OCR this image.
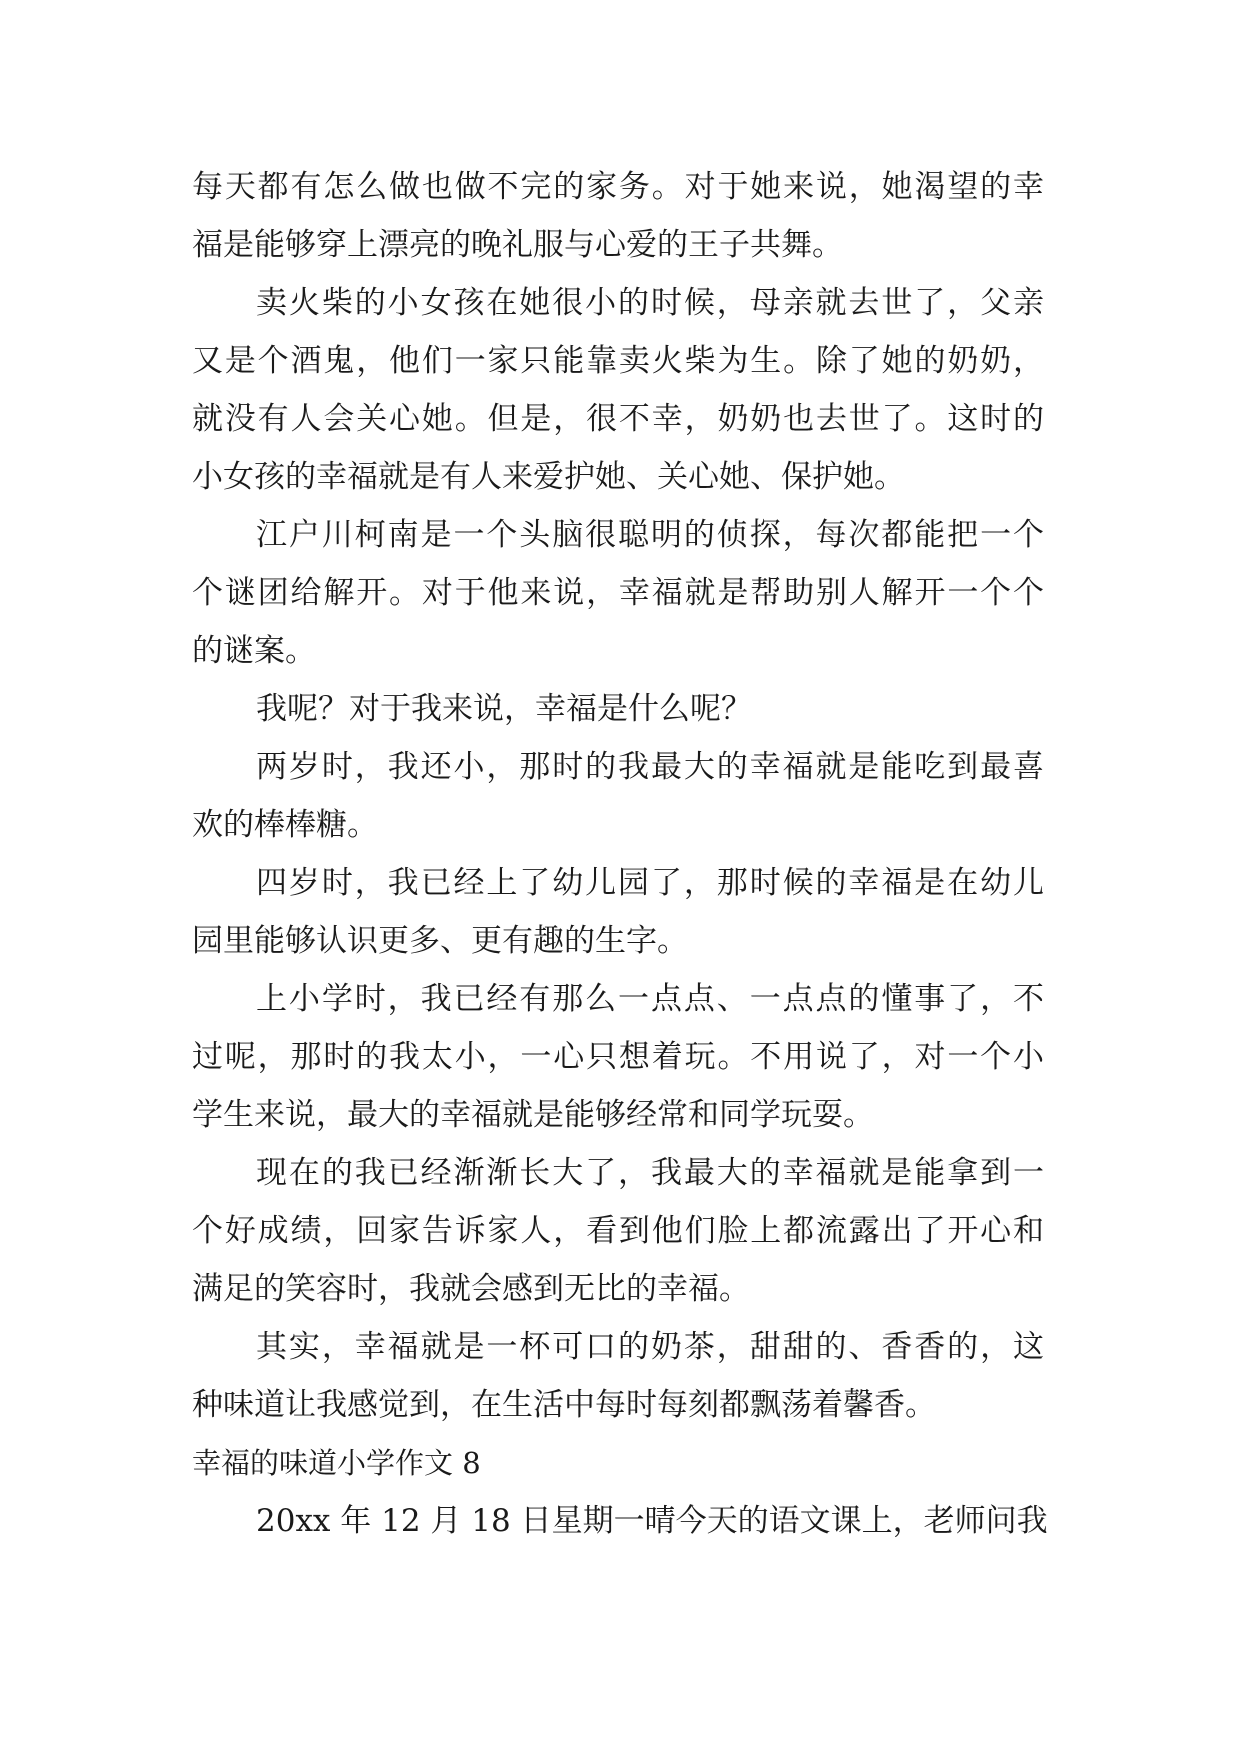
每天都有怎么做也做不完的家务。对于她来说，她渴望的幸
福是能够穿上漂亮的晚礼服与心爱的王子共舞。
卖火柴的小女孩在她很小的时候，母亲就去世了，父亲
又是个酒鬼，他们一家只能靠卖火柴为生。除了她的奶奶，
就没有人会关心她。但是，很不幸，奶奶也去世了。这时的
小女孩的幸福就是有人来爱护她、关心她、保护她。
江户川柯南是一个头脑很聪明的侦探，每次都能把一个
个谜团给解开。对于他来说，幸福就是帮助别人解开一个个
的谜案。
我呢？对于我来说，幸福是什么呢？
两岁时，我还小，那时的我最大的幸福就是能吃到最喜
欢的棒棒糖。
四岁时，我已经上了幼儿园了，那时候的幸福是在幼儿
园里能够认识更多、更有趣的生字。
上小学时，我已经有那么一点点、一点点的懂事了，不
过呢，那时的我太小，一心只想着玩。不用说了，对一个小
学生来说，最大的幸福就是能够经常和同学玩耍。
现在的我已经渐渐长大了，我最大的幸福就是能拿到一
个好成绩，回家告诉家人，看到他们脸上都流露出了开心和
满足的笑容时，我就会感到无比的幸福。
其实，幸福就是一杯可口的奶茶，甜甜的、香香的，这
种味道让我感觉到，在生活中每时每刻都飘荡着馨香。
幸福的味道小学作文 8
20xx 年 12 月 18 日星期一晴今天的语文课上，老师问我
